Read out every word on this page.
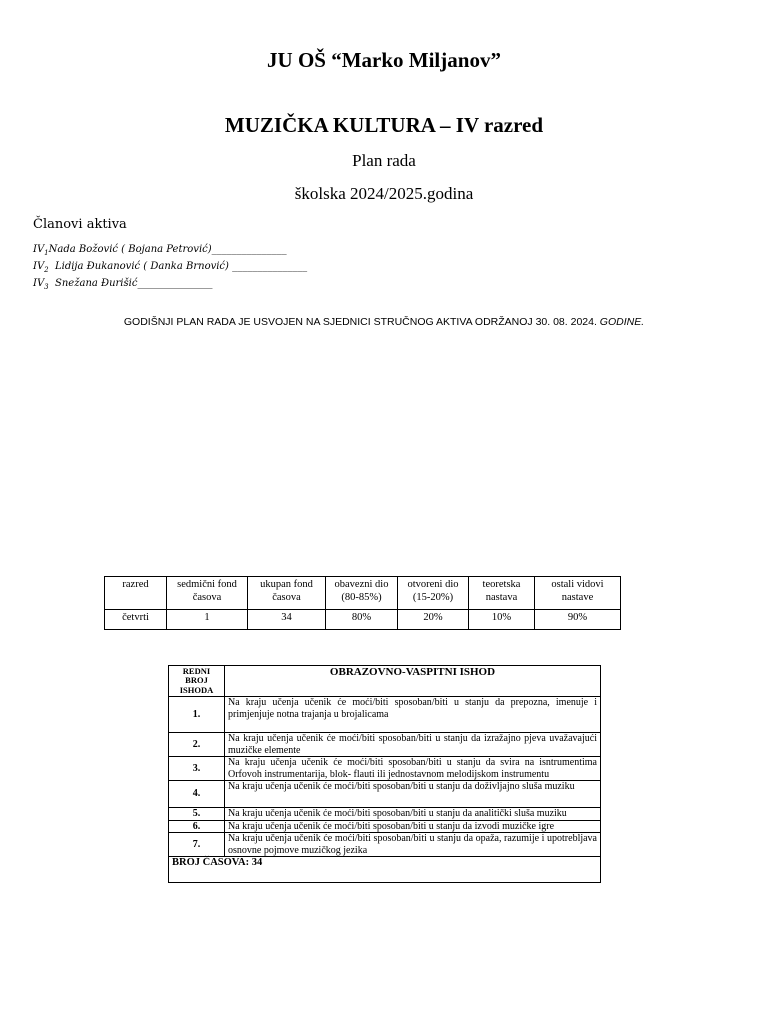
JU OŠ “Marko Miljanov”
MUZIČKA KULTURA – IV razred
Plan rada
školska 2024/2025.godina
Članovi aktiva
$IV_1Nada$ Božović ( Bojana Petrović)_______________
$IV_2$  Lidija Đukanović ( Danka Brnović) _______________
$IV_3$  Snežana Đurišić_______________
GODIŠNJI PLAN RADA JE USVOJEN NA SJEDNICI STRUČNOG AKTIVA ODRŽANOJ 30. 08. 2024. GODINE.
razred	sedmični fond časova	ukupan fond časova	obavezni dio (80-85%)	otvoreni dio (15-20%)	teoretska nastava	ostali vidovi nastave
četvrti	1	34	80%	20%	10%	90%
REDNI BROJ ISHODA	OBRAZOVNO-VASPITNI ISHOD
1.	Na kraju učenja učenik će moći/biti sposoban/biti u stanju da prepozna, imenuje i primjenjuje notna trajanja u brojalicama
2.	Na kraju učenja učenik će moći/biti sposoban/biti u stanju da izražajno pjeva uvažavajući muzičke elemente
3.	Na kraju učenja učenik će moći/biti sposoban/biti u stanju da svira na isntrumentima Orfovoh instrumentarija, blok- flauti ili jednostavnom melodijskom instrumentu
4.	Na kraju učenja učenik će moći/biti sposoban/biti u stanju da doživljajno sluša muziku
5.	Na kraju učenja učenik će moći/biti sposoban/biti u stanju da analitički sluša muziku
6.	Na kraju učenja učenik će moći/biti sposoban/biti u stanju da izvodi muzičke igre
7.	Na kraju učenja učenik će moći/biti sposoban/biti u stanju da opaža, razumije i upotrebljava osnovne pojmove muzičkog jezika
BROJ ČASOVA: 34	
